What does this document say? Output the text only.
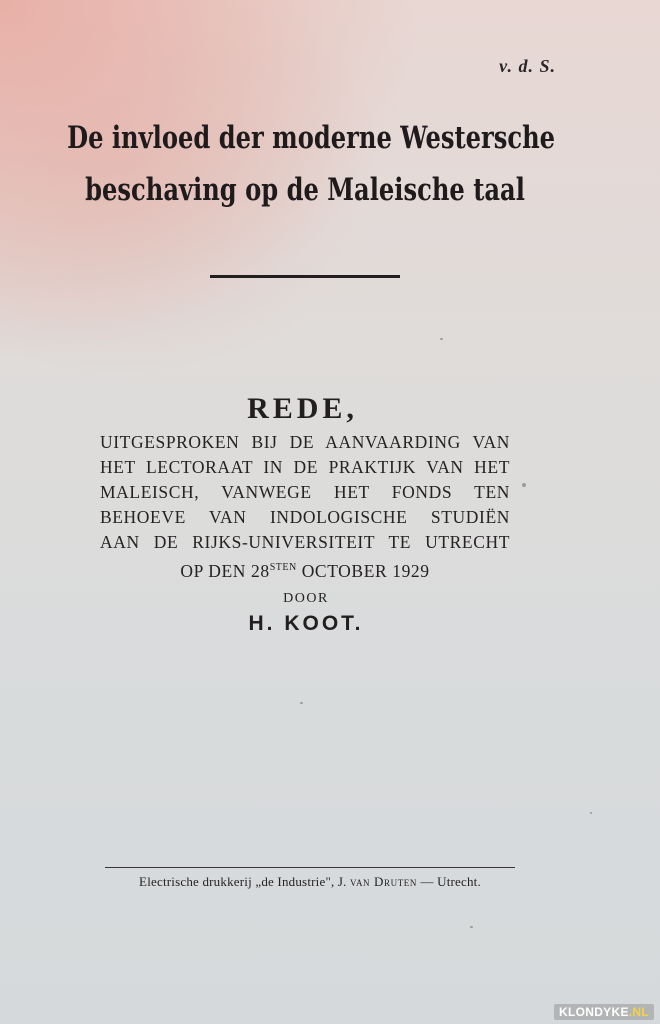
v. d. S.
De invloed der moderne Westersche
beschaving op de Maleische taal
REDE,
UITGESPROKEN BIJ DE AANVAARDING VAN
HET LECTORAAT IN DE PRAKTIJK VAN HET
MALEISCH, VANWEGE HET FONDS TEN
BEHOEVE VAN INDOLOGISCHE STUDIËN
AAN DE RIJKS-UNIVERSITEIT TE UTRECHT
OP DEN $28^{STEN}$ OCTOBER 1929
DOOR
H. KOOT.
Electrische drukkerij „de Industrie", J. van Druten — Utrecht.
KLONDYKE.NL
